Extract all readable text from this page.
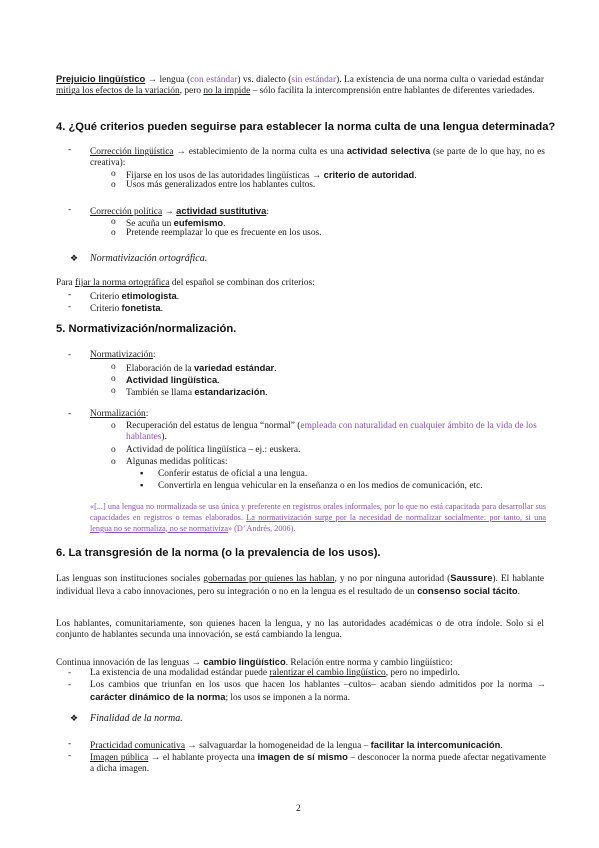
Prejuicio lingüístico → lengua (con estándar) vs. dialecto (sin estándar). La existencia de una norma culta o variedad estándar mitiga los efectos de la variación, pero no la impide – sólo facilita la intercomprensión entre hablantes de diferentes variedades.
4. ¿Qué criterios pueden seguirse para establecer la norma culta de una lengua determinada?
- Corrección lingüística → establecimiento de la norma culta es una actividad selectiva (se parte de lo que hay, no es creativa):

o Fijarse en los usos de las autoridades lingüísticas → criterio de autoridad.

o Usos más generalizados entre los hablantes cultos.

- Corrección política → actividad sustitutiva:

o Se acuña un eufemismo.

o Pretende reemplazar lo que es frecuente en los usos.

❖ Normativización ortográfica.

Para fijar la norma ortográfica del español se combinan dos criterios:

- Criterio etimologista.

- Criterio fonetista.

5. Normativización/normalización.
- Normativización:

o Elaboración de la variedad estándar.

o Actividad lingüística.

o También se llama estandarización.

- Normalización:

o Recuperación del estatus de lengua “normal” (empleada con naturalidad en cualquier ámbito de la vida de los hablantes).

o Actividad de política lingüística – ej.: euskera.

o Algunas medidas políticas:

▪ Conferir estatus de oficial a una lengua.

▪ Convertirla en lengua vehicular en la enseñanza o en los medios de comunicación, etc.

«[...] una lengua no normalizada se usa única y preferente en registros orales informales, por lo que no está capacitada para desarrollar sus capacidades en registros o temas elaborados. La normativización surge por la necesidad de normalizar socialmente: por tanto, si una lengua no se normaliza, no se normativiza» (D’ Andrés, 2006).

6. La transgresión de la norma (o la prevalencia de los usos).

Las lenguas son instituciones sociales gobernadas por quienes las hablan, y no por ninguna autoridad (Saussure). El hablante individual lleva a cabo innovaciones, pero su integración o no en la lengua es el resultado de un consenso social tácito.

Los hablantes, comunitariamente, son quienes hacen la lengua, y no las autoridades académicas o de otra índole. Solo si el conjunto de hablantes secunda una innovación, se está cambiando la lengua.

Continua innovación de las lenguas → cambio lingüístico. Relación entre norma y cambio lingüístico:

- La existencia de una modalidad estándar puede ralentizar el cambio lingüístico, pero no impedirlo.

- Los cambios que triunfan en los usos que hacen los hablantes –cultos– acaban siendo admitidos por la norma → carácter dinámico de la norma; los usos se imponen a la norma.

❖ Finalidad de la norma.
- Practicidad comunicativa → salvaguardar la homogeneidad de la lengua – facilitar la intercomunicación.

- Imagen pública → el hablante proyecta una imagen de sí mismo – desconocer la norma puede afectar negativamente a dicha imagen.

2
